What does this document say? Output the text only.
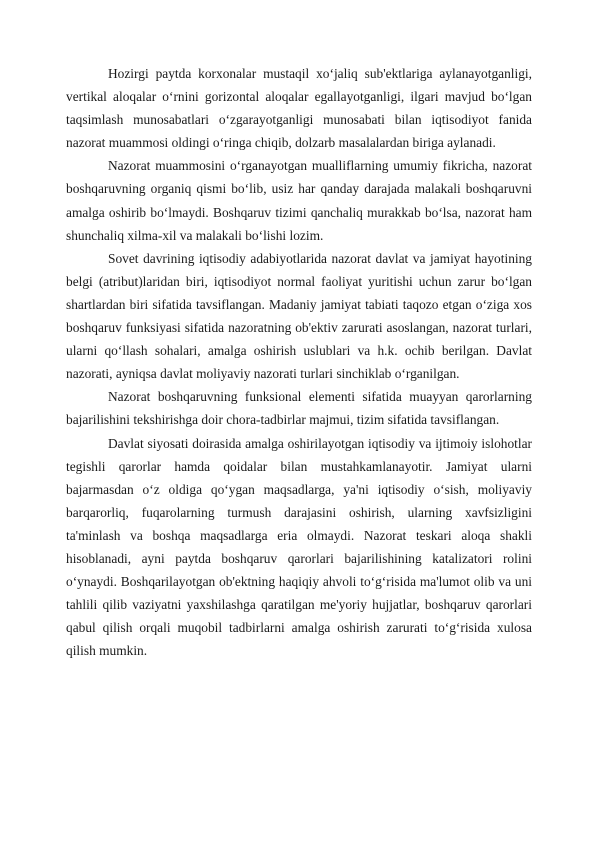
Hozirgi paytda korxonalar mustaqil xo‘jaliq sub'ektlariga aylanayotganligi, vertikal aloqalar o‘rnini gorizontal aloqalar egallayotganligi, ilgari mavjud bo‘lgan taqsimlash munosabatlari o‘zgarayotganligi munosabati bilan iqtisodiyot fanida nazorat muammosi oldingi o‘ringa chiqib, dolzarb masalalardan biriga aylanadi.

Nazorat muammosini o‘rganayotgan mualliflarning umumiy fikricha, nazorat boshqaruvning organiq qismi bo‘lib, usiz har qanday darajada malakali boshqaruvni amalga oshirib bo‘lmaydi. Boshqaruv tizimi qanchaliq murakkab bo‘lsa, nazorat ham shunchaliq xilma-xil va malakali bo‘lishi lozim.

Sovet davrining iqtisodiy adabiyotlarida nazorat davlat va jamiyat hayotining belgi (atribut)laridan biri, iqtisodiyot normal faoliyat yuritishi uchun zarur bo‘lgan shartlardan biri sifatida tavsiflangan. Madaniy jamiyat tabiati taqozo etgan o‘ziga xos boshqaruv funksiyasi sifatida nazoratning ob'ektiv zarurati asoslangan, nazorat turlari, ularni qo‘llash sohalari, amalga oshirish uslublari va h.k. ochib berilgan. Davlat nazorati, ayniqsa davlat moliyaviy nazorati turlari sinchiklab o‘rganilgan.

Nazorat boshqaruvning funksional elementi sifatida muayyan qarorlarning bajarilishini tekshirishga doir chora-tadbirlar majmui, tizim sifatida tavsiflangan.

Davlat siyosati doirasida amalga oshirilayotgan iqtisodiy va ijtimoiy islohotlar tegishli qarorlar hamda qoidalar bilan mustahkamlanayotir. Jamiyat ularni bajarmasdan o‘z oldiga qo‘ygan maqsadlarga, ya'ni iqtisodiy o‘sish, moliyaviy barqarorliq, fuqarolarning turmush darajasini oshirish, ularning xavfsizligini ta'minlash va boshqa maqsadlarga eria olmaydi. Nazorat teskari aloqa shakli hisoblanadi, ayni paytda boshqaruv qarorlari bajarilishining katalizatori rolini o‘ynaydi. Boshqarilayotgan ob'ektning haqiqiy ahvoli to‘g‘risida ma'lumot olib va uni tahlili qilib vaziyatni yaxshilashga qaratilgan me'yoriy hujjatlar, boshqaruv qarorlari qabul qilish orqali muqobil tadbirlarni amalga oshirish zarurati to‘g‘risida xulosa qilish mumkin.
